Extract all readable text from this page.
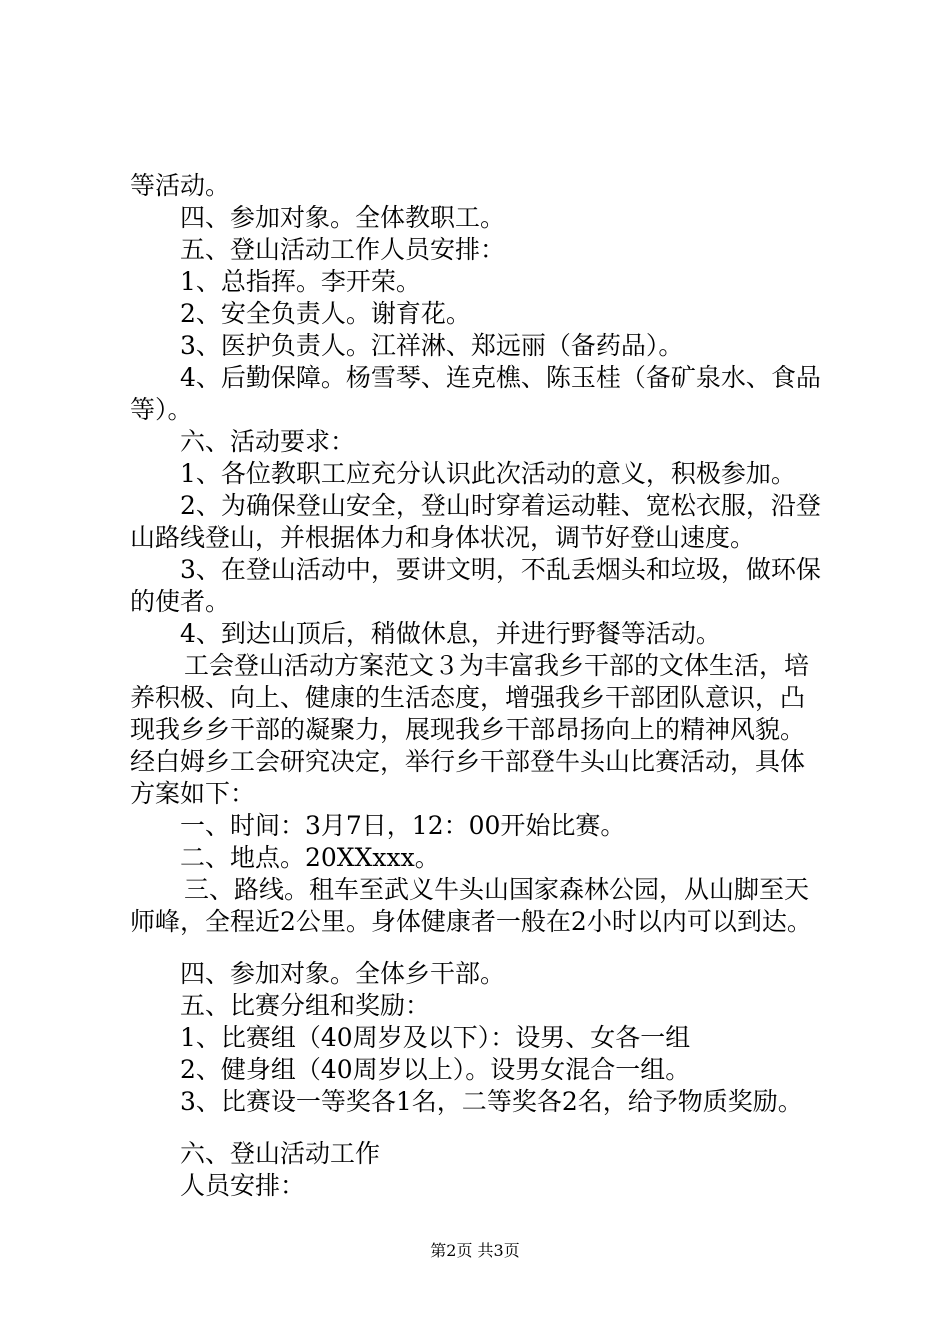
等活动。
四、参加对象。全体教职工。
五、登山活动工作人员安排：
1、总指挥。李开荣。
2、安全负责人。谢育花。
3、医护负责人。江祥淋、郑远丽（备药品）。
4、后勤保障。杨雪琴、连克樵、陈玉桂（备矿泉水、食品
等）。
六、活动要求：
1、各位教职工应充分认识此次活动的意义，积极参加。
2、为确保登山安全，登山时穿着运动鞋、宽松衣服，沿登
山路线登山，并根据体力和身体状况，调节好登山速度。
3、在登山活动中，要讲文明，不乱丢烟头和垃圾，做环保
的使者。
4、到达山顶后，稍做休息，并进行野餐等活动。
工会登山活动方案范文３为丰富我乡干部的文体生活，培
养积极、向上、健康的生活态度，增强我乡干部团队意识，凸
现我乡乡干部的凝聚力，展现我乡干部昂扬向上的精神风貌。
经白姆乡工会研究决定，举行乡干部登牛头山比赛活动，具体
方案如下：
一、时间：3月7日，12：00开始比赛。
二、地点。20XXxxx。
三、路线。租车至武义牛头山国家森林公园，从山脚至天
师峰，全程近2公里。身体健康者一般在2小时以内可以到达。
四、参加对象。全体乡干部。
五、比赛分组和奖励：
1、比赛组（40周岁及以下）：设男、女各一组
2、健身组（40周岁以上）。设男女混合一组。
3、比赛设一等奖各1名，二等奖各2名，给予物质奖励。
六、登山活动工作
人员安排：
第2页 共3页
